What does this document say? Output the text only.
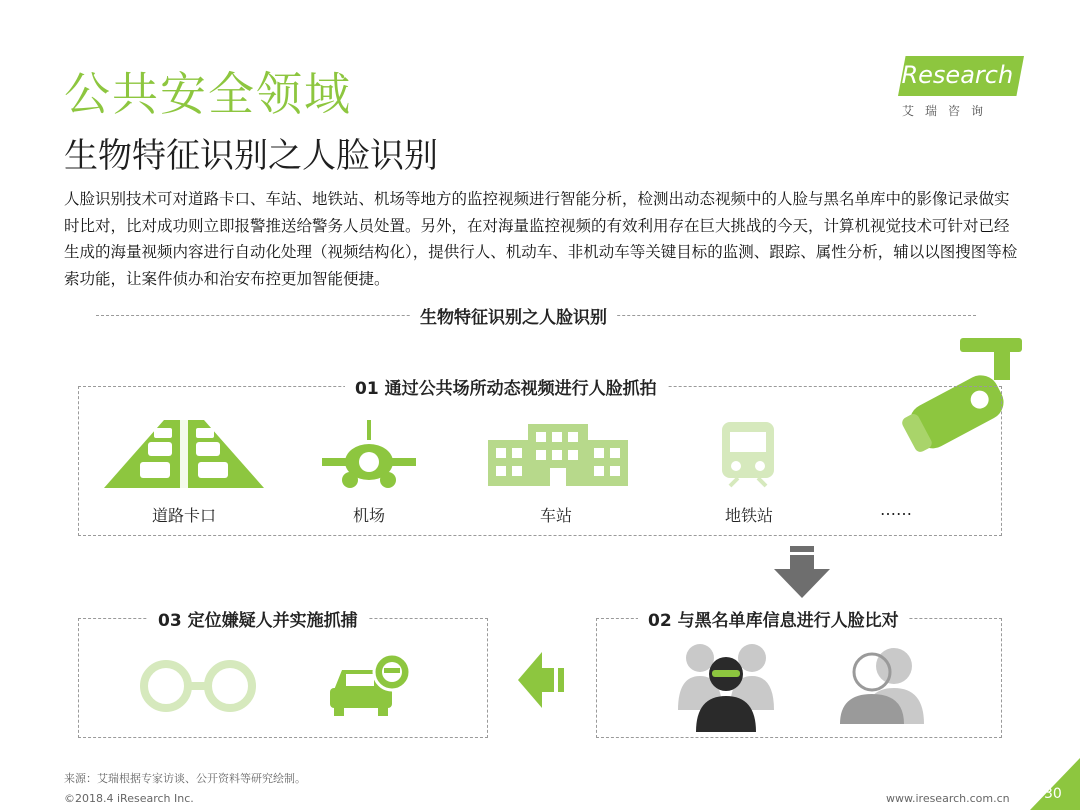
公共安全领域
生物特征识别之人脸识别
iResearch
艾瑞咨询
人脸识别技术可对道路卡口、车站、地铁站、机场等地方的监控视频进行智能分析，检测出动态视频中的人脸与黑名单库中的影像记录做实时比对，比对成功则立即报警推送给警务人员处置。另外，在对海量监控视频的有效利用存在巨大挑战的今天，计算机视觉技术可针对已经生成的海量视频内容进行自动化处理（视频结构化），提供行人、机动车、非机动车等关键目标的监测、跟踪、属性分析，辅以以图搜图等检索功能，让案件侦办和治安布控更加智能便捷。
生物特征识别之人脸识别
01 通过公共场所动态视频进行人脸抓拍
道路卡口	机场	车站	地铁站	……
02 与黑名单库信息进行人脸比对
03 定位嫌疑人并实施抓捕
来源：艾瑞根据专家访谈、公开资料等研究绘制。
©2018.4 iResearch Inc.	www.iresearch.com.cn 30
